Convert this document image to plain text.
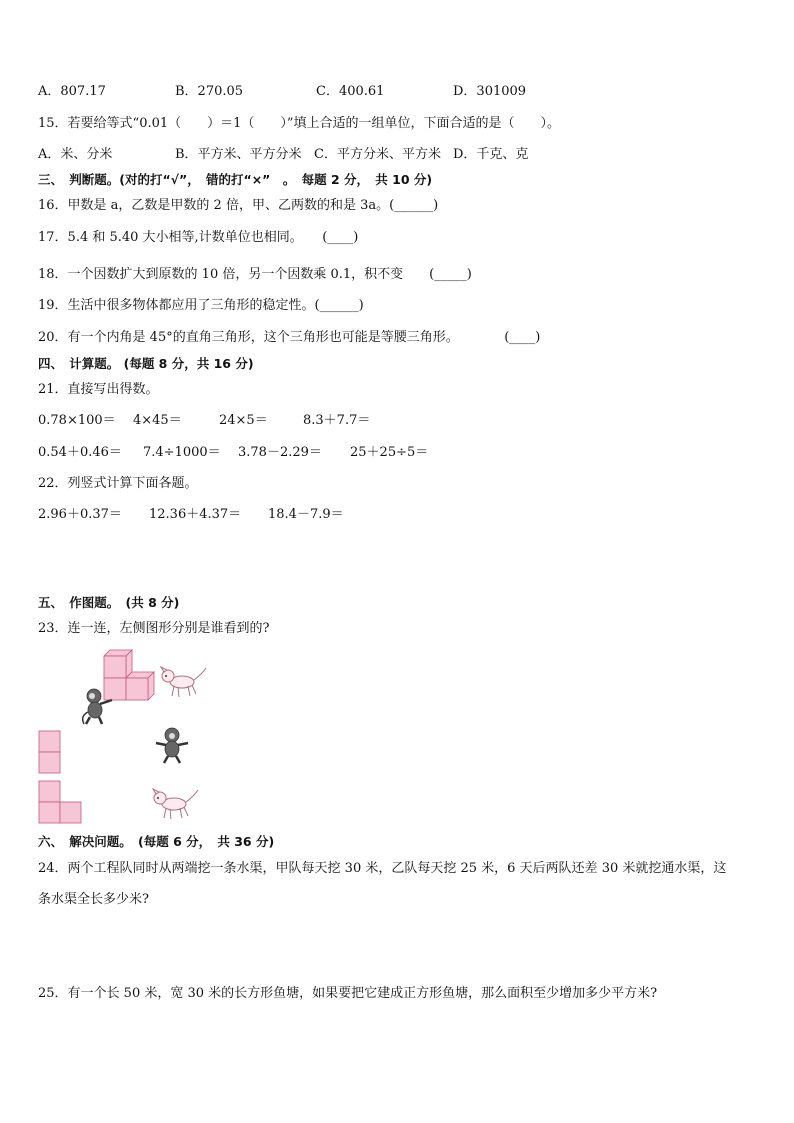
A．807.17	B．270.05	C．400.61	D．301009
15．若要给等式“0.01（　　）＝1（　　）”填上合适的一组单位，下面合适的是（　　）。
A．米、分米	B．平方米、平方分米 C．平方分米、平方米 D．千克、克
三、　判断题。(对的打“√”，　错的打“×”　。　每题 2 分，　共 10 分)
16．甲数是 a，乙数是甲数的 2 倍，甲、乙两数的和是 3a。(______)
17．5.4 和 5.40 大小相等,计数单位也相同。　　(____)
18．一个因数扩大到原数的 10 倍，另一个因数乘 0.1，积不变　　(_____)
19．生活中很多物体都应用了三角形的稳定性。(______)
20．有一个内角是 45°的直角三角形，这个三角形也可能是等腰三角形。　　　　(____)
四、　计算题。 (每题 8 分，共 16 分)
21．直接写出得数。
0.78×100＝ 4×45＝	24×5＝	8.3＋7.7＝
0.54＋0.46＝ 7.4÷1000＝ 3.78－2.29＝ 25＋25÷5＝
22．列竖式计算下面各题。
2.96＋0.37＝ 12.36＋4.37＝ 18.4－7.9＝
五、　作图题。　(共 8 分)
23．连一连，左侧图形分别是谁看到的?
六、　解决问题。　(每题 6 分，　共 36 分)
24．两个工程队同时从两端挖一条水渠，甲队每天挖 30 米，乙队每天挖 25 米，6 天后两队还差 30 米就挖通水渠，这
条水渠全长多少米?
25．有一个长 50 米，宽 30 米的长方形鱼塘，如果要把它建成正方形鱼塘，那么面积至少增加多少平方米?
